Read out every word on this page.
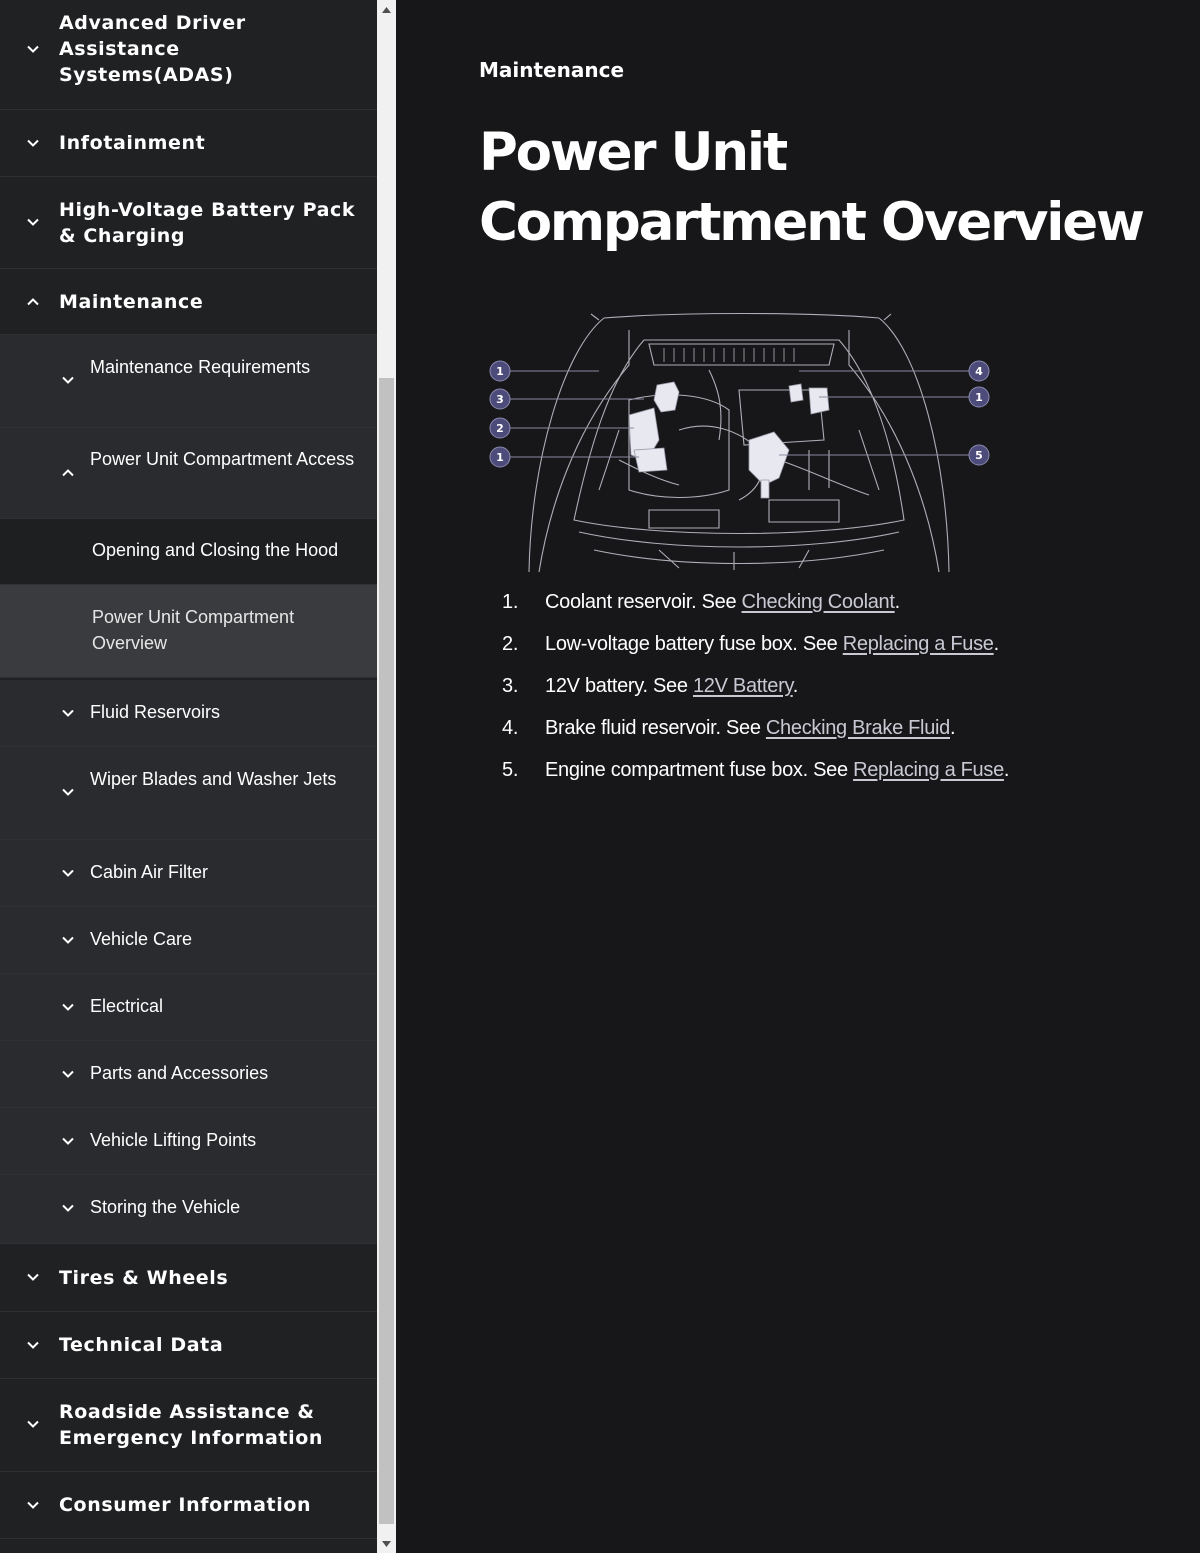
Advanced Driver Assistance Systems(ADAS)
Infotainment
High-Voltage Battery Pack & Charging
Maintenance
Maintenance Requirements
Power Unit Compartment Access
Opening and Closing the Hood
Power Unit Compartment Overview
Fluid Reservoirs
Wiper Blades and Washer Jets
Cabin Air Filter
Vehicle Care
Electrical
Parts and Accessories
Vehicle Lifting Points
Storing the Vehicle
Tires & Wheels
Technical Data
Roadside Assistance & Emergency Information
Consumer Information
Maintenance
Power Unit Compartment Overview
1
3
2
1
4
1
5
1.	Coolant reservoir. See Checking Coolant.
2.	Low-voltage battery fuse box. See Replacing a Fuse.
3.	12V battery. See 12V Battery.
4.	Brake fluid reservoir. See Checking Brake Fluid.
5.	Engine compartment fuse box. See Replacing a Fuse.
